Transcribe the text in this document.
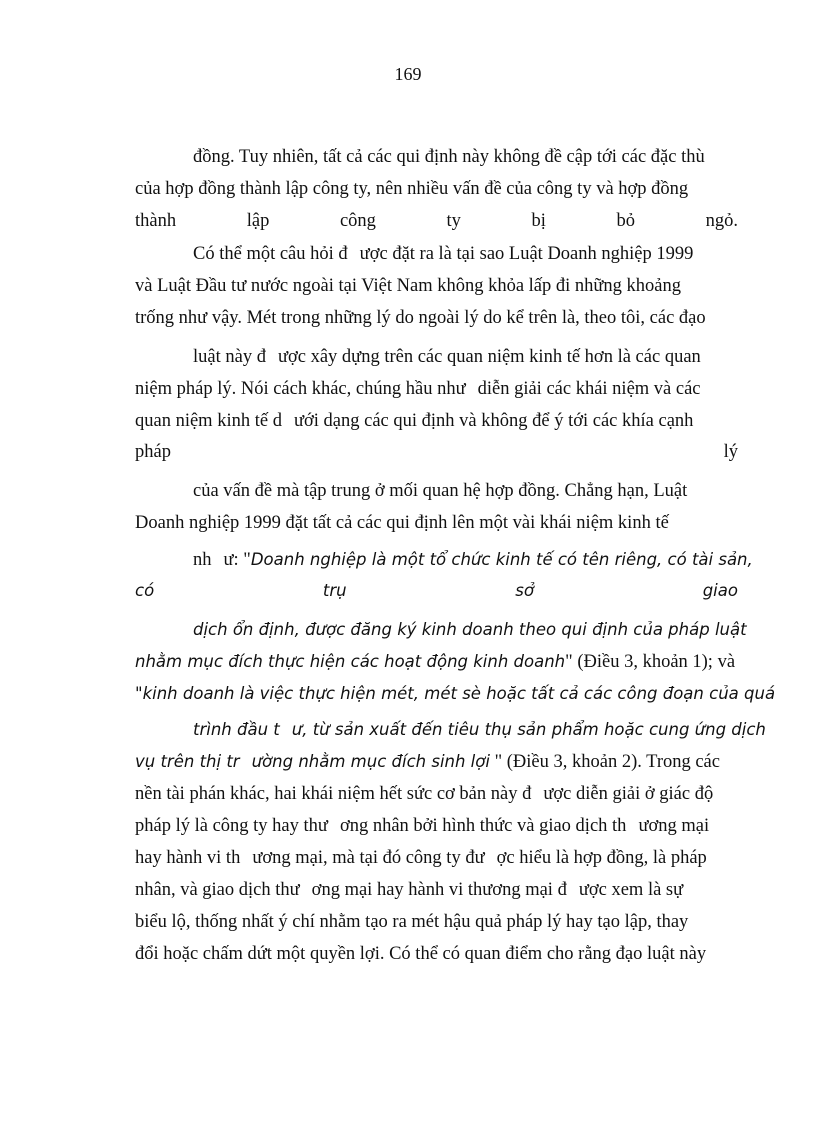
169
đồng. Tuy nhiên, tất cả các qui định này không đề cập tới các đặc thù
của hợp đồng thành lập công ty, nên nhiều vấn đề của công ty và hợp đồng
thành	lập	công	ty	bị	bỏ	ngỏ.
Có thể một câu hỏi đ ược đặt ra là tại sao Luật Doanh nghiệp 1999
và Luật Đầu tư nước ngoài tại Việt Nam không khỏa lấp đi những khoảng
trống như vậy. Mét trong những lý do ngoài lý do kể trên là, theo tôi, các đạo
luật này đ ược xây dựng trên các quan niệm kinh tế hơn là các quan
niệm pháp lý. Nói cách khác, chúng hầu như diễn giải các khái niệm và các
quan niệm kinh tế d ưới dạng các qui định và không để ý tới các khía cạnh
pháp	lý
của vấn đề mà tập trung ở mối quan hệ hợp đồng. Chẳng hạn, Luật
Doanh nghiệp 1999 đặt tất cả các qui định lên một vài khái niệm kinh tế
nh ư: "Doanh nghiệp là một tổ chức kinh tế có tên riêng, có tài sản,
có	trụ	sở	giao
dịch ổn định, được đăng ký kinh doanh theo qui định của pháp luật
nhằm mục đích thực hiện các hoạt động kinh doanh" (Điều 3, khoản 1); và
"kinh doanh là việc thực hiện mét, mét sè hoặc tất cả các công đoạn của quá
trình đầu t ư, từ sản xuất đến tiêu thụ sản phẩm hoặc cung ứng dịch
vụ trên thị tr ường nhằm mục đích sinh lợi " (Điều 3, khoản 2). Trong các
nền tài phán khác, hai khái niệm hết sức cơ bản này đ ược diễn giải ở giác độ
pháp lý là công ty hay thư ơng nhân bởi hình thức và giao dịch th ương mại
hay hành vi th ương mại, mà tại đó công ty đư ợc hiểu là hợp đồng, là pháp
nhân, và giao dịch thư ơng mại hay hành vi thương mại đ ược xem là sự
biểu lộ, thống nhất ý chí nhằm tạo ra mét hậu quả pháp lý hay tạo lập, thay
đổi hoặc chấm dứt một quyền lợi. Có thể có quan điểm cho rằng đạo luật này
